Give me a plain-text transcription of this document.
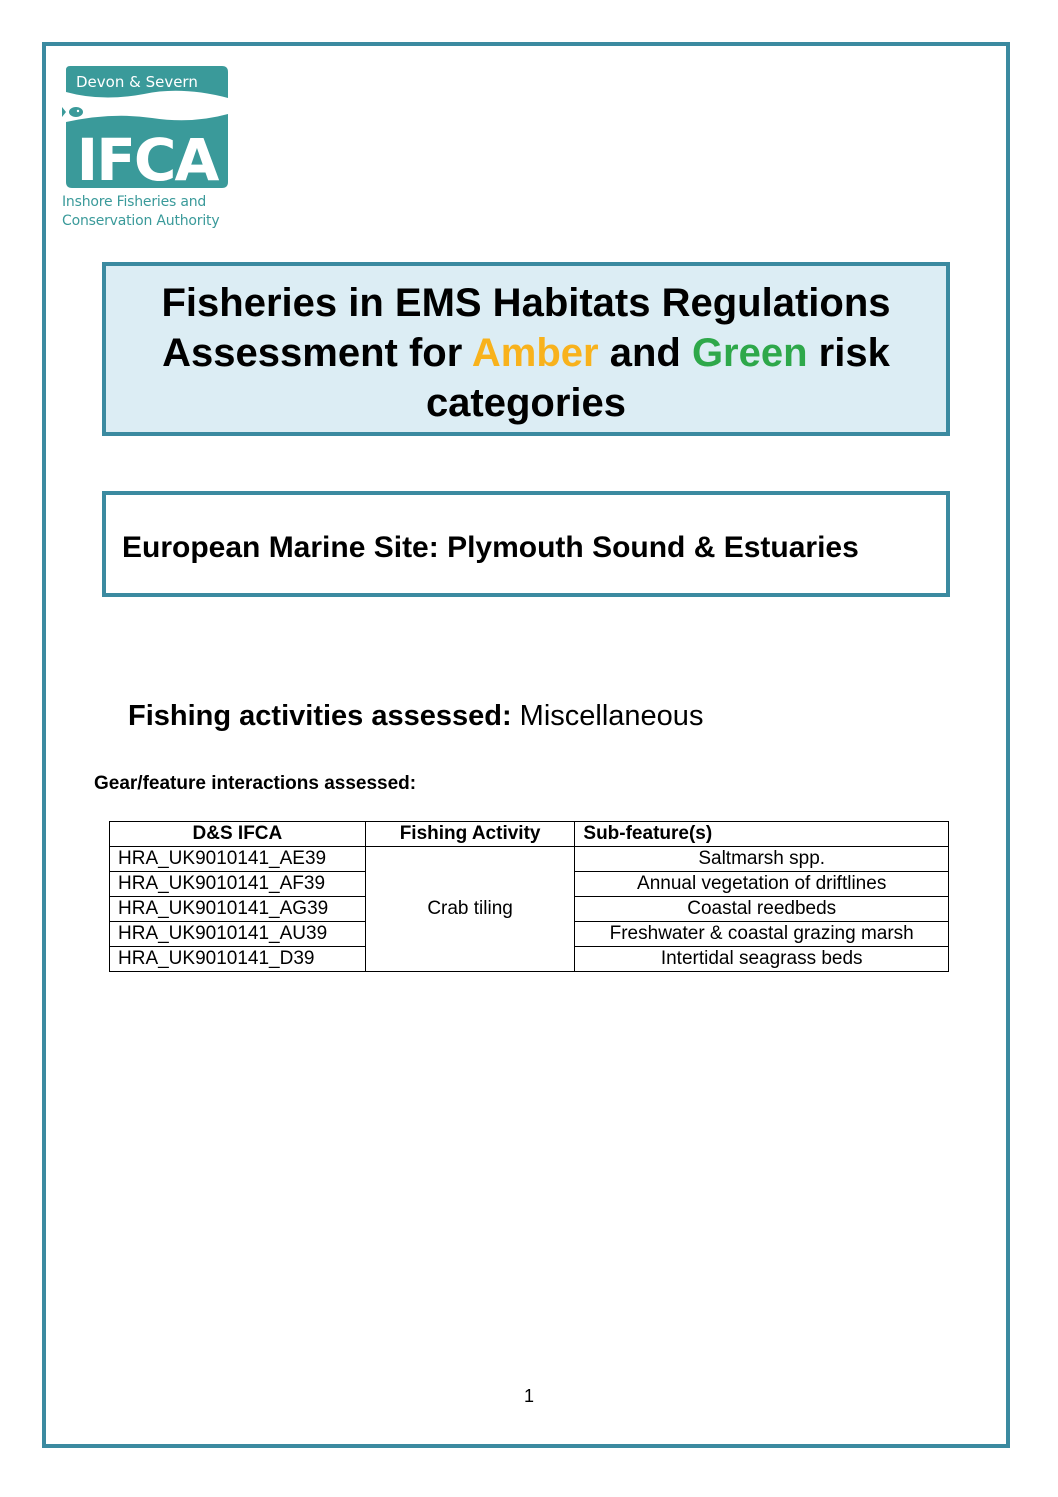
Devon & Severn
IFCA
Inshore Fisheries and
Conservation Authority
Fisheries in EMS Habitats Regulations
Assessment for Amber and Green risk
categories
European Marine Site: Plymouth Sound & Estuaries
Fishing activities assessed: Miscellaneous
Gear/feature interactions assessed:
D&S IFCA	Fishing Activity	Sub-feature(s)
HRA_UK9010141_AE39	Crab tiling	Saltmarsh spp.
HRA_UK9010141_AF39		Annual vegetation of driftlines
HRA_UK9010141_AG39		Coastal reedbeds
HRA_UK9010141_AU39		Freshwater & coastal grazing marsh
HRA_UK9010141_D39		Intertidal seagrass beds
1
